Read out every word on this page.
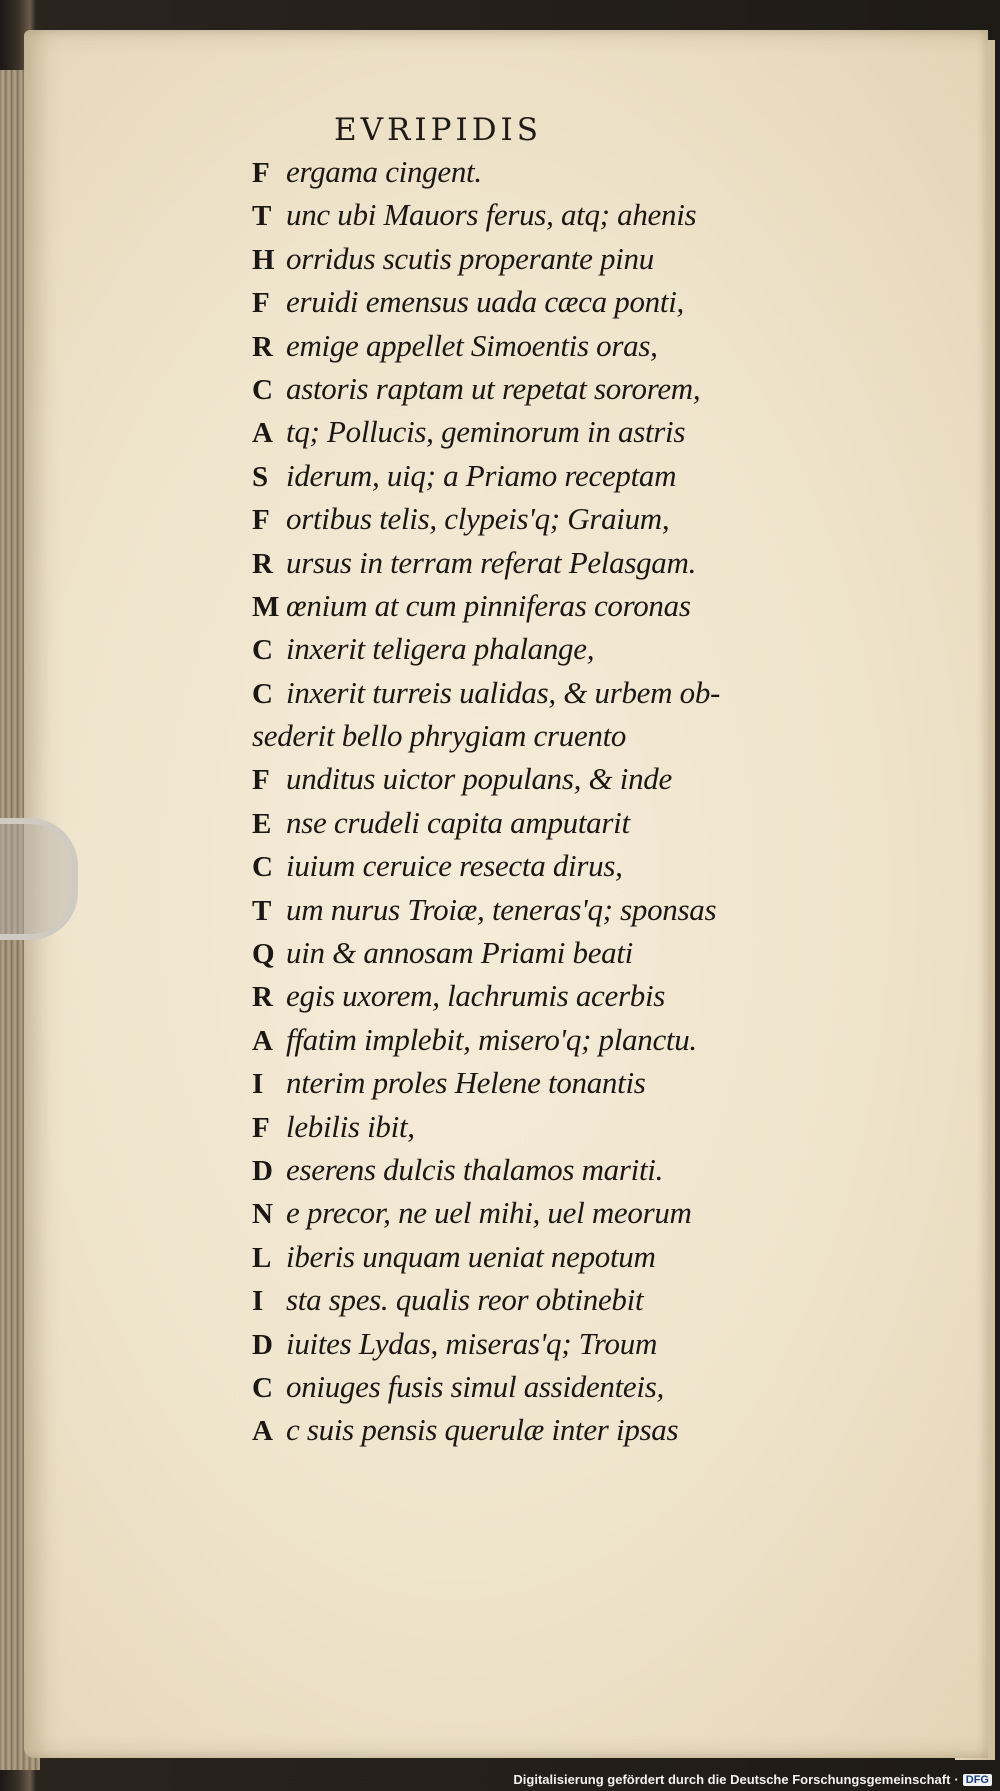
EVRIPIDIS
F ergama cingent.
T unc ubi Mauors ferus, atq; ahenis
H orridus scutis properante pinu
F eruidi emensus uada cæca ponti,
R emige appellet Simoentis oras,
C astoris raptam ut repetat sororem,
A tq; Pollucis, geminorum in astris
S iderum, uiq; a Priamo receptam
F ortibus telis, clypeis'q; Graium,
R ursus in terram referat Pelasgam.
M œnium at cum pinniferas coronas
C inxerit teligera phalange,
C inxerit turreis ualidas, & urbem ob-
sederit bello phrygiam cruento
F unditus uictor populans, & inde
E nse crudeli capita amputarit
C iuium ceruice resecta dirus,
T um nurus Troiæ, teneras'q; sponsas
Q uin & annosam Priami beati
R egis uxorem, lachrumis acerbis
A ffatim implebit, misero'q; planctu.
I nterim proles Helene tonantis
F lebilis ibit,
D eserens dulcis thalamos mariti.
N e precor, ne uel mihi, uel meorum
L iberis unquam ueniat nepotum
I sta spes. qualis reor obtinebit
D iuites Lydas, miseras'q; Troum
C oniuges fusis simul assidenteis,
A c suis pensis querulæ inter ipsas
Digitalisierung gefördert durch die Deutsche Forschungsgemeinschaft · DFG
